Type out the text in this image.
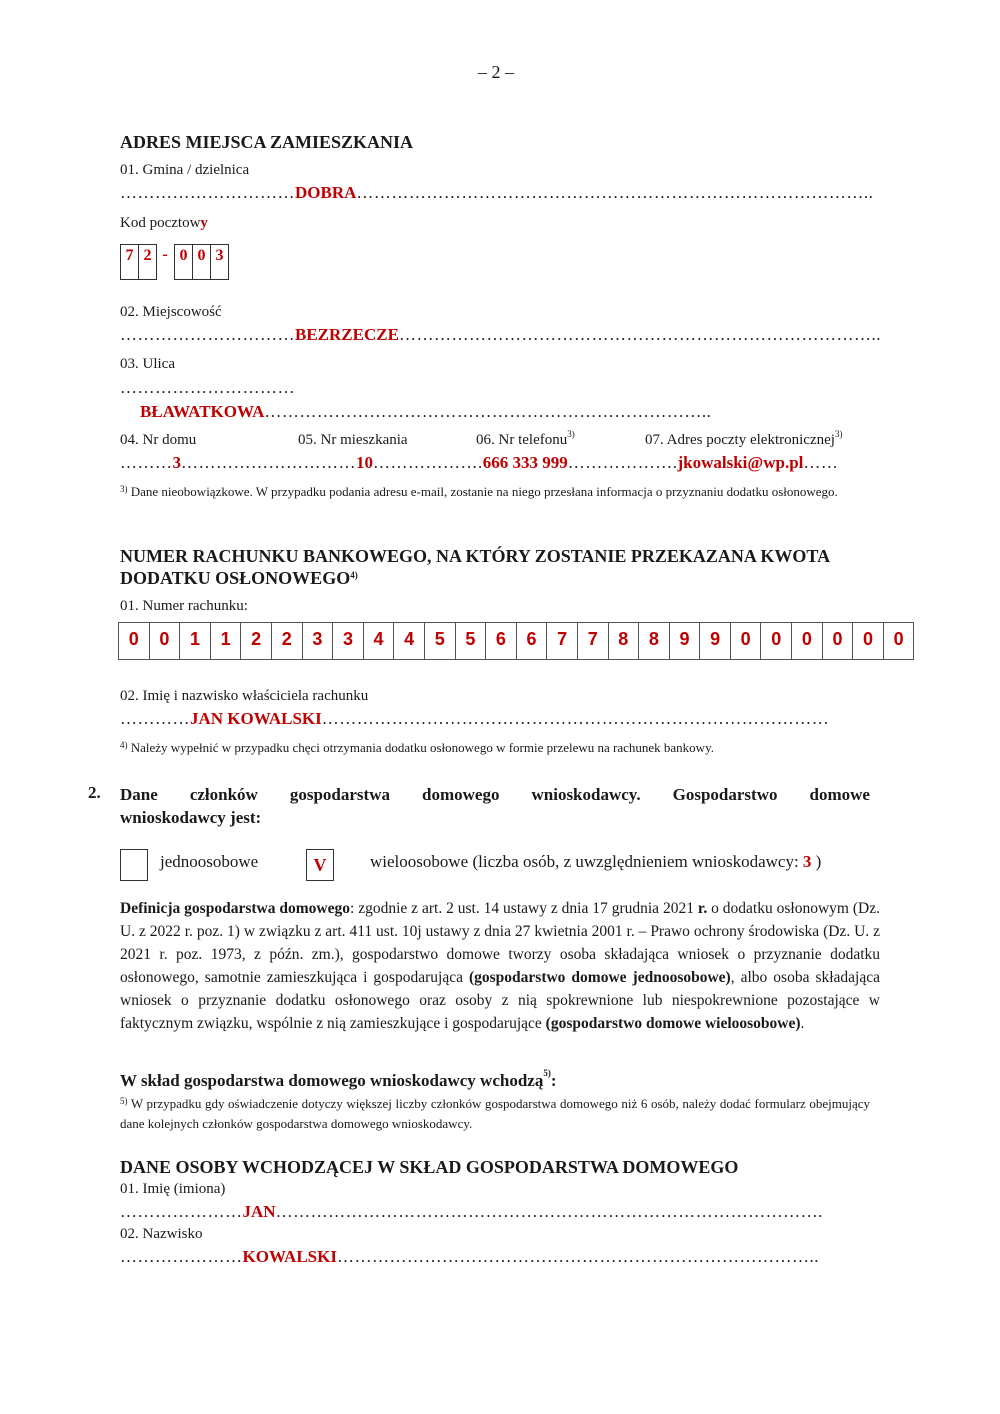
– 2 –
ADRES MIEJSCA ZAMIESZKANIA
01. Gmina / dzielnica
…………………………DOBRA……………………………………………………………………………..
Kod pocztowy
7 2 - 0 0 3
02. Miejscowość
…………………………BEZRZECZE………………………………………………………………………..
03. Ulica
…………………………
BŁAWATKOWA…………………………………………………………………..
04. Nr domu	05. Nr mieszkania	06. Nr telefonu$^{3)}$	07. Adres poczty elektronicznej$^{3)}$
………3…………………………10……………….666 333 999……………….jkowalski@wp.pl……
$^{3)}$ Dane nieobowiązkowe. W przypadku podania adresu e-mail, zostanie na niego przesłana informacja o przyznaniu dodatku osłonowego.
NUMER RACHUNKU BANKOWEGO, NA KTÓRY ZOSTANIE PRZEKAZANA KWOTA
DODATKU OSŁONOWEGO$^{4)}$
01. Numer rachunku:
0	0	1	1	2	2	3	3	4	4	5	5	6	6	7	7	8	8	9	9	0	0	0	0	0	0
02. Imię i nazwisko właściciela rachunku
…………JAN KOWALSKI……………………………………………………………………………
$^{4)}$ Należy wypełnić w przypadku chęci otrzymania dodatku osłonowego w formie przelewu na rachunek bankowy.
2. Dane członków gospodarstwa domowego wnioskodawcy. Gospodarstwo domowe
wnioskodawcy jest:
jednoosobowe	V	wieloosobowe (liczba osób, z uwzględnieniem wnioskodawcy: 3 )
Definicja gospodarstwa domowego: zgodnie z art. 2 ust. 14 ustawy z dnia 17 grudnia 2021 r. o dodatku osłonowym (Dz. U. z 2022 r. poz. 1) w związku z art. 411 ust. 10j ustawy z dnia 27 kwietnia 2001 r. – Prawo ochrony środowiska (Dz. U. z 2021 r. poz. 1973, z późn. zm.), gospodarstwo domowe tworzy osoba składająca wniosek o przyznanie dodatku osłonowego, samotnie zamieszkująca i gospodarująca (gospodarstwo domowe jednoosobowe), albo osoba składająca wniosek o przyznanie dodatku osłonowego oraz osoby z nią spokrewnione lub niespokrewnione pozostające w faktycznym związku, wspólnie z nią zamieszkujące i gospodarujące (gospodarstwo domowe wieloosobowe).
W skład gospodarstwa domowego wnioskodawcy wchodzą$^{5)}$:
$^{5)}$ W przypadku gdy oświadczenie dotyczy większej liczby członków gospodarstwa domowego niż 6 osób, należy dodać formularz obejmujący dane kolejnych członków gospodarstwa domowego wnioskodawcy.
DANE OSOBY WCHODZĄCEJ W SKŁAD GOSPODARSTWA DOMOWEGO
01. Imię (imiona)
…………………JAN………………………………………………………………………………….
02. Nazwisko
…………………KOWALSKI………………………………………………………………………..
